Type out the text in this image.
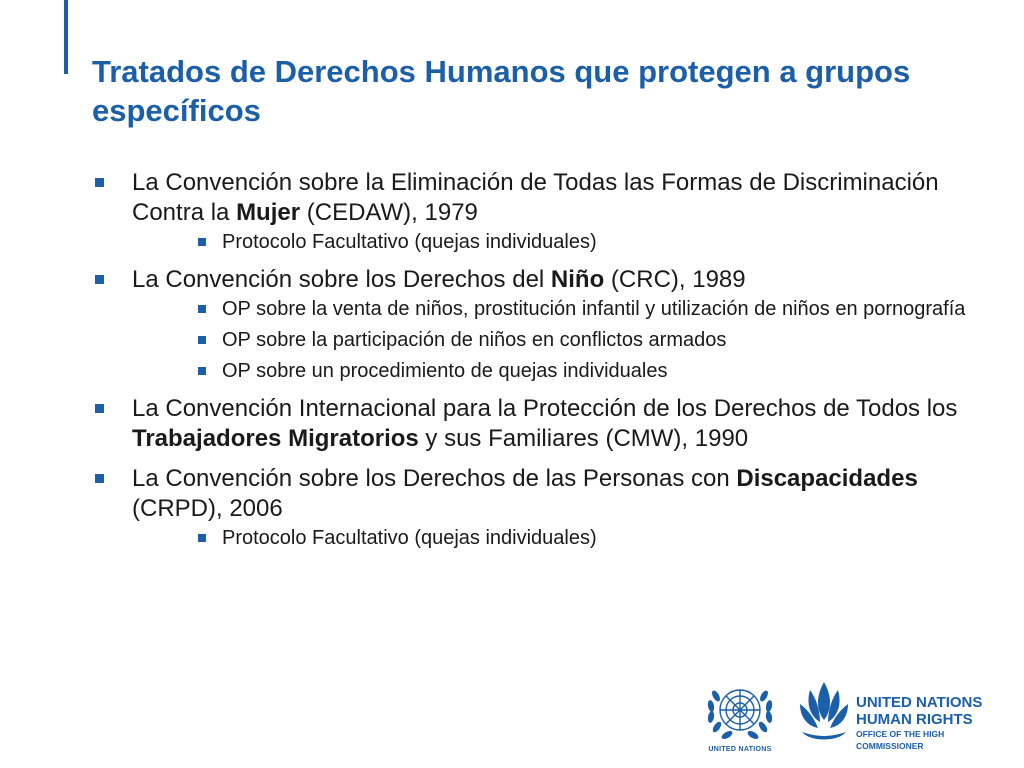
Tratados de Derechos Humanos que protegen a grupos específicos
La Convención sobre la Eliminación de Todas las Formas de Discriminación Contra la Mujer (CEDAW), 1979
Protocolo Facultativo (quejas individuales)
La Convención sobre los Derechos del Niño (CRC), 1989
OP sobre la venta de niños, prostitución infantil y utilización de niños en pornografía
OP sobre la participación de niños en conflictos armados
OP sobre un procedimiento de quejas individuales
La Convención Internacional para la Protección de los Derechos de Todos los Trabajadores Migratorios y sus Familiares (CMW), 1990
La Convención sobre los Derechos de las Personas con Discapacidades (CRPD), 2006
Protocolo Facultativo (quejas individuales)
UNITED NATIONS
UNITED NATIONS
HUMAN RIGHTS
OFFICE OF THE HIGH COMMISSIONER
